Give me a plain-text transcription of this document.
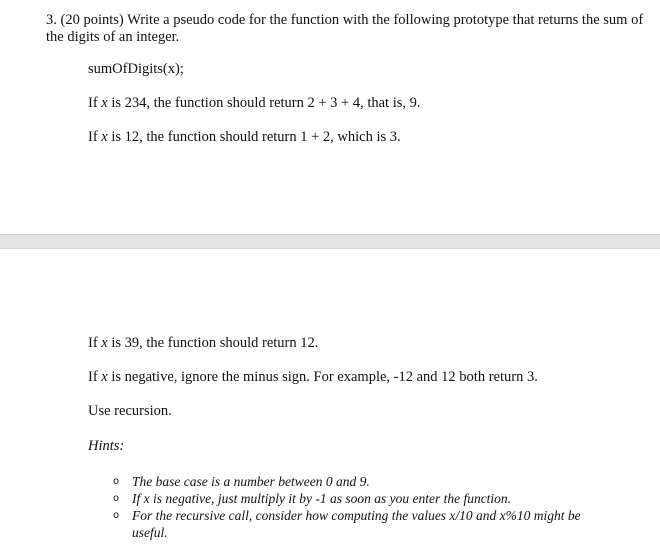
3. (20 points) Write a pseudo code for the function with the following prototype that returns the sum of the digits of an integer.

sumOfDigits(x);

If x is 234, the function should return 2 + 3 + 4, that is, 9.

If x is 12, the function should return 1 + 2, which is 3.

If x is 39, the function should return 12.

If x is negative, ignore the minus sign. For example, -12 and 12 both return 3.

Use recursion.

Hints:

o The base case is a number between 0 and 9.
o If x is negative, just multiply it by -1 as soon as you enter the function.
o For the recursive call, consider how computing the values x/10 and x%10 might be useful.
